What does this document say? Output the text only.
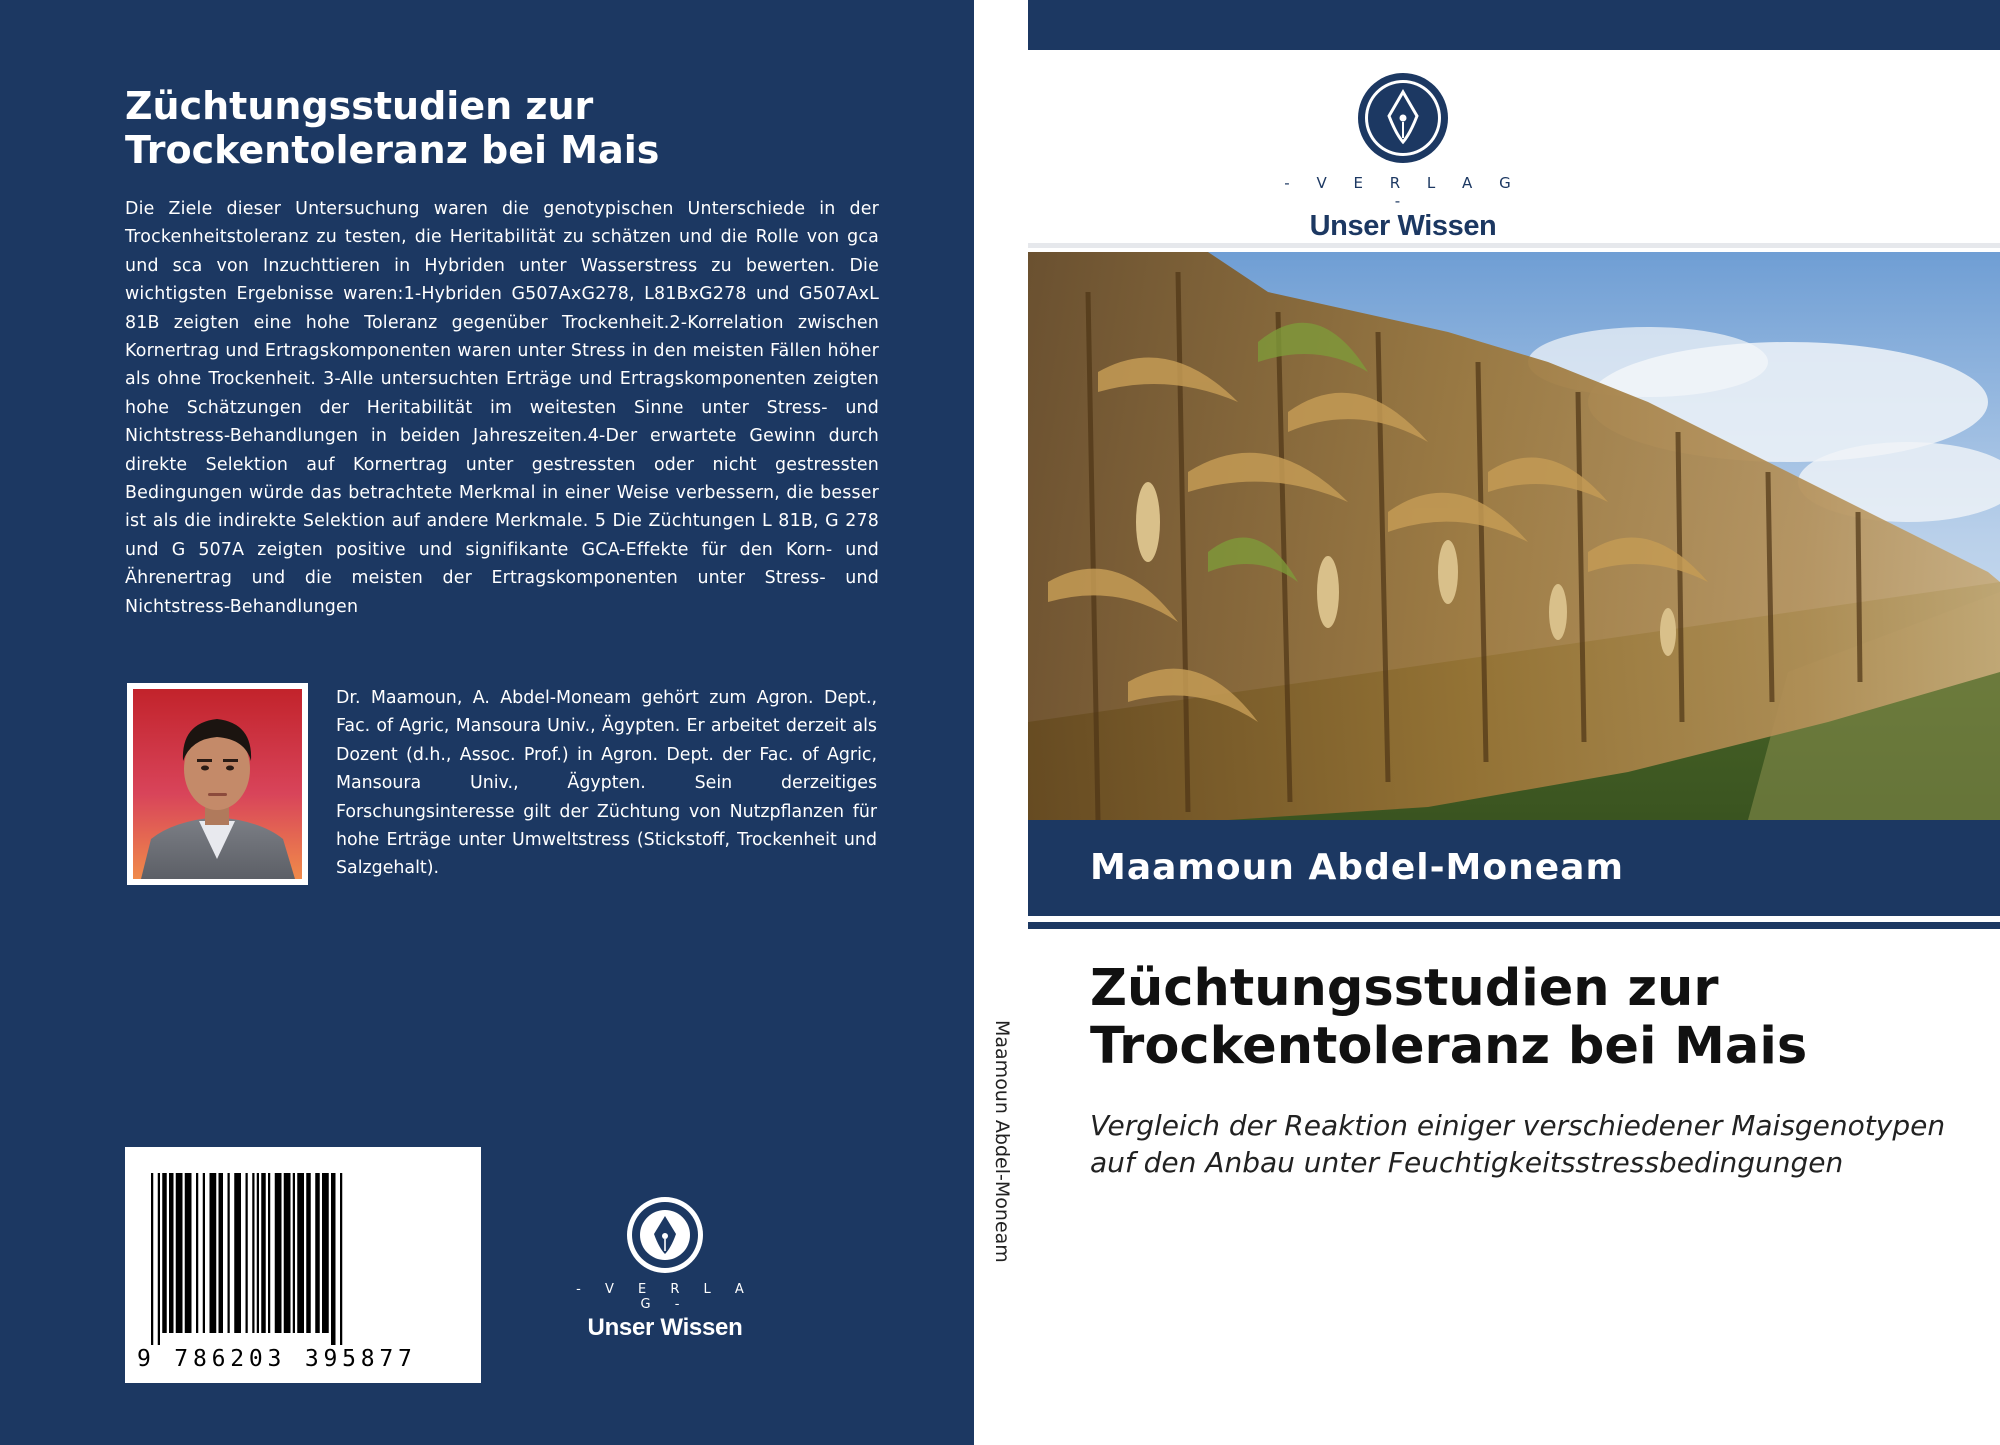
Züchtungsstudien zur
Trockentoleranz bei Mais

Die Ziele dieser Untersuchung waren die genotypischen Unterschiede in der Trockenheitstoleranz zu testen, die Heritabilität zu schätzen und die Rolle von gca und sca von Inzuchttieren in Hybriden unter Wasserstress zu bewerten. Die wichtigsten Ergebnisse waren:1-Hybriden G507AxG278, L81BxG278 und G507AxL 81B zeigten eine hohe Toleranz gegenüber Trockenheit.2-Korrelation zwischen Kornertrag und Ertragskomponenten waren unter Stress in den meisten Fällen höher als ohne Trockenheit. 3-Alle untersuchten Erträge und Ertragskomponenten zeigten hohe Schätzungen der Heritabilität im weitesten Sinne unter Stress- und Nichtstress-Behandlungen in beiden Jahreszeiten.4-Der erwartete Gewinn durch direkte Selektion auf Kornertrag unter gestressten oder nicht gestressten Bedingungen würde das betrachtete Merkmal in einer Weise verbessern, die besser ist als die indirekte Selektion auf andere Merkmale. 5 Die Züchtungen L 81B, G 278 und G 507A zeigten positive und signifikante GCA-Effekte für den Korn- und Ährenertrag und die meisten der Ertragskomponenten unter Stress- und Nichtstress-Behandlungen

Dr. Maamoun, A. Abdel-Moneam gehört zum Agron. Dept., Fac. of Agric, Mansoura Univ., Ägypten. Er arbeitet derzeit als Dozent (d.h., Assoc. Prof.) in Agron. Dept. der Fac. of Agric, Mansoura Univ., Ägypten. Sein derzeitiges Forschungsinteresse gilt der Züchtung von Nutzpflanzen für hohe Erträge unter Umweltstress (Stickstoff, Trockenheit und Salzgehalt).

9 786203 395877
- V E R L A G -
Unser Wissen
Maamoun Abdel-Moneam
- V E R L A G -
Unser Wissen
Maamoun Abdel-Moneam
Züchtungsstudien zur
Trockentoleranz bei Mais

Vergleich der Reaktion einiger verschiedener Maisgenotypen auf den Anbau unter Feuchtigkeitsstressbedingungen
